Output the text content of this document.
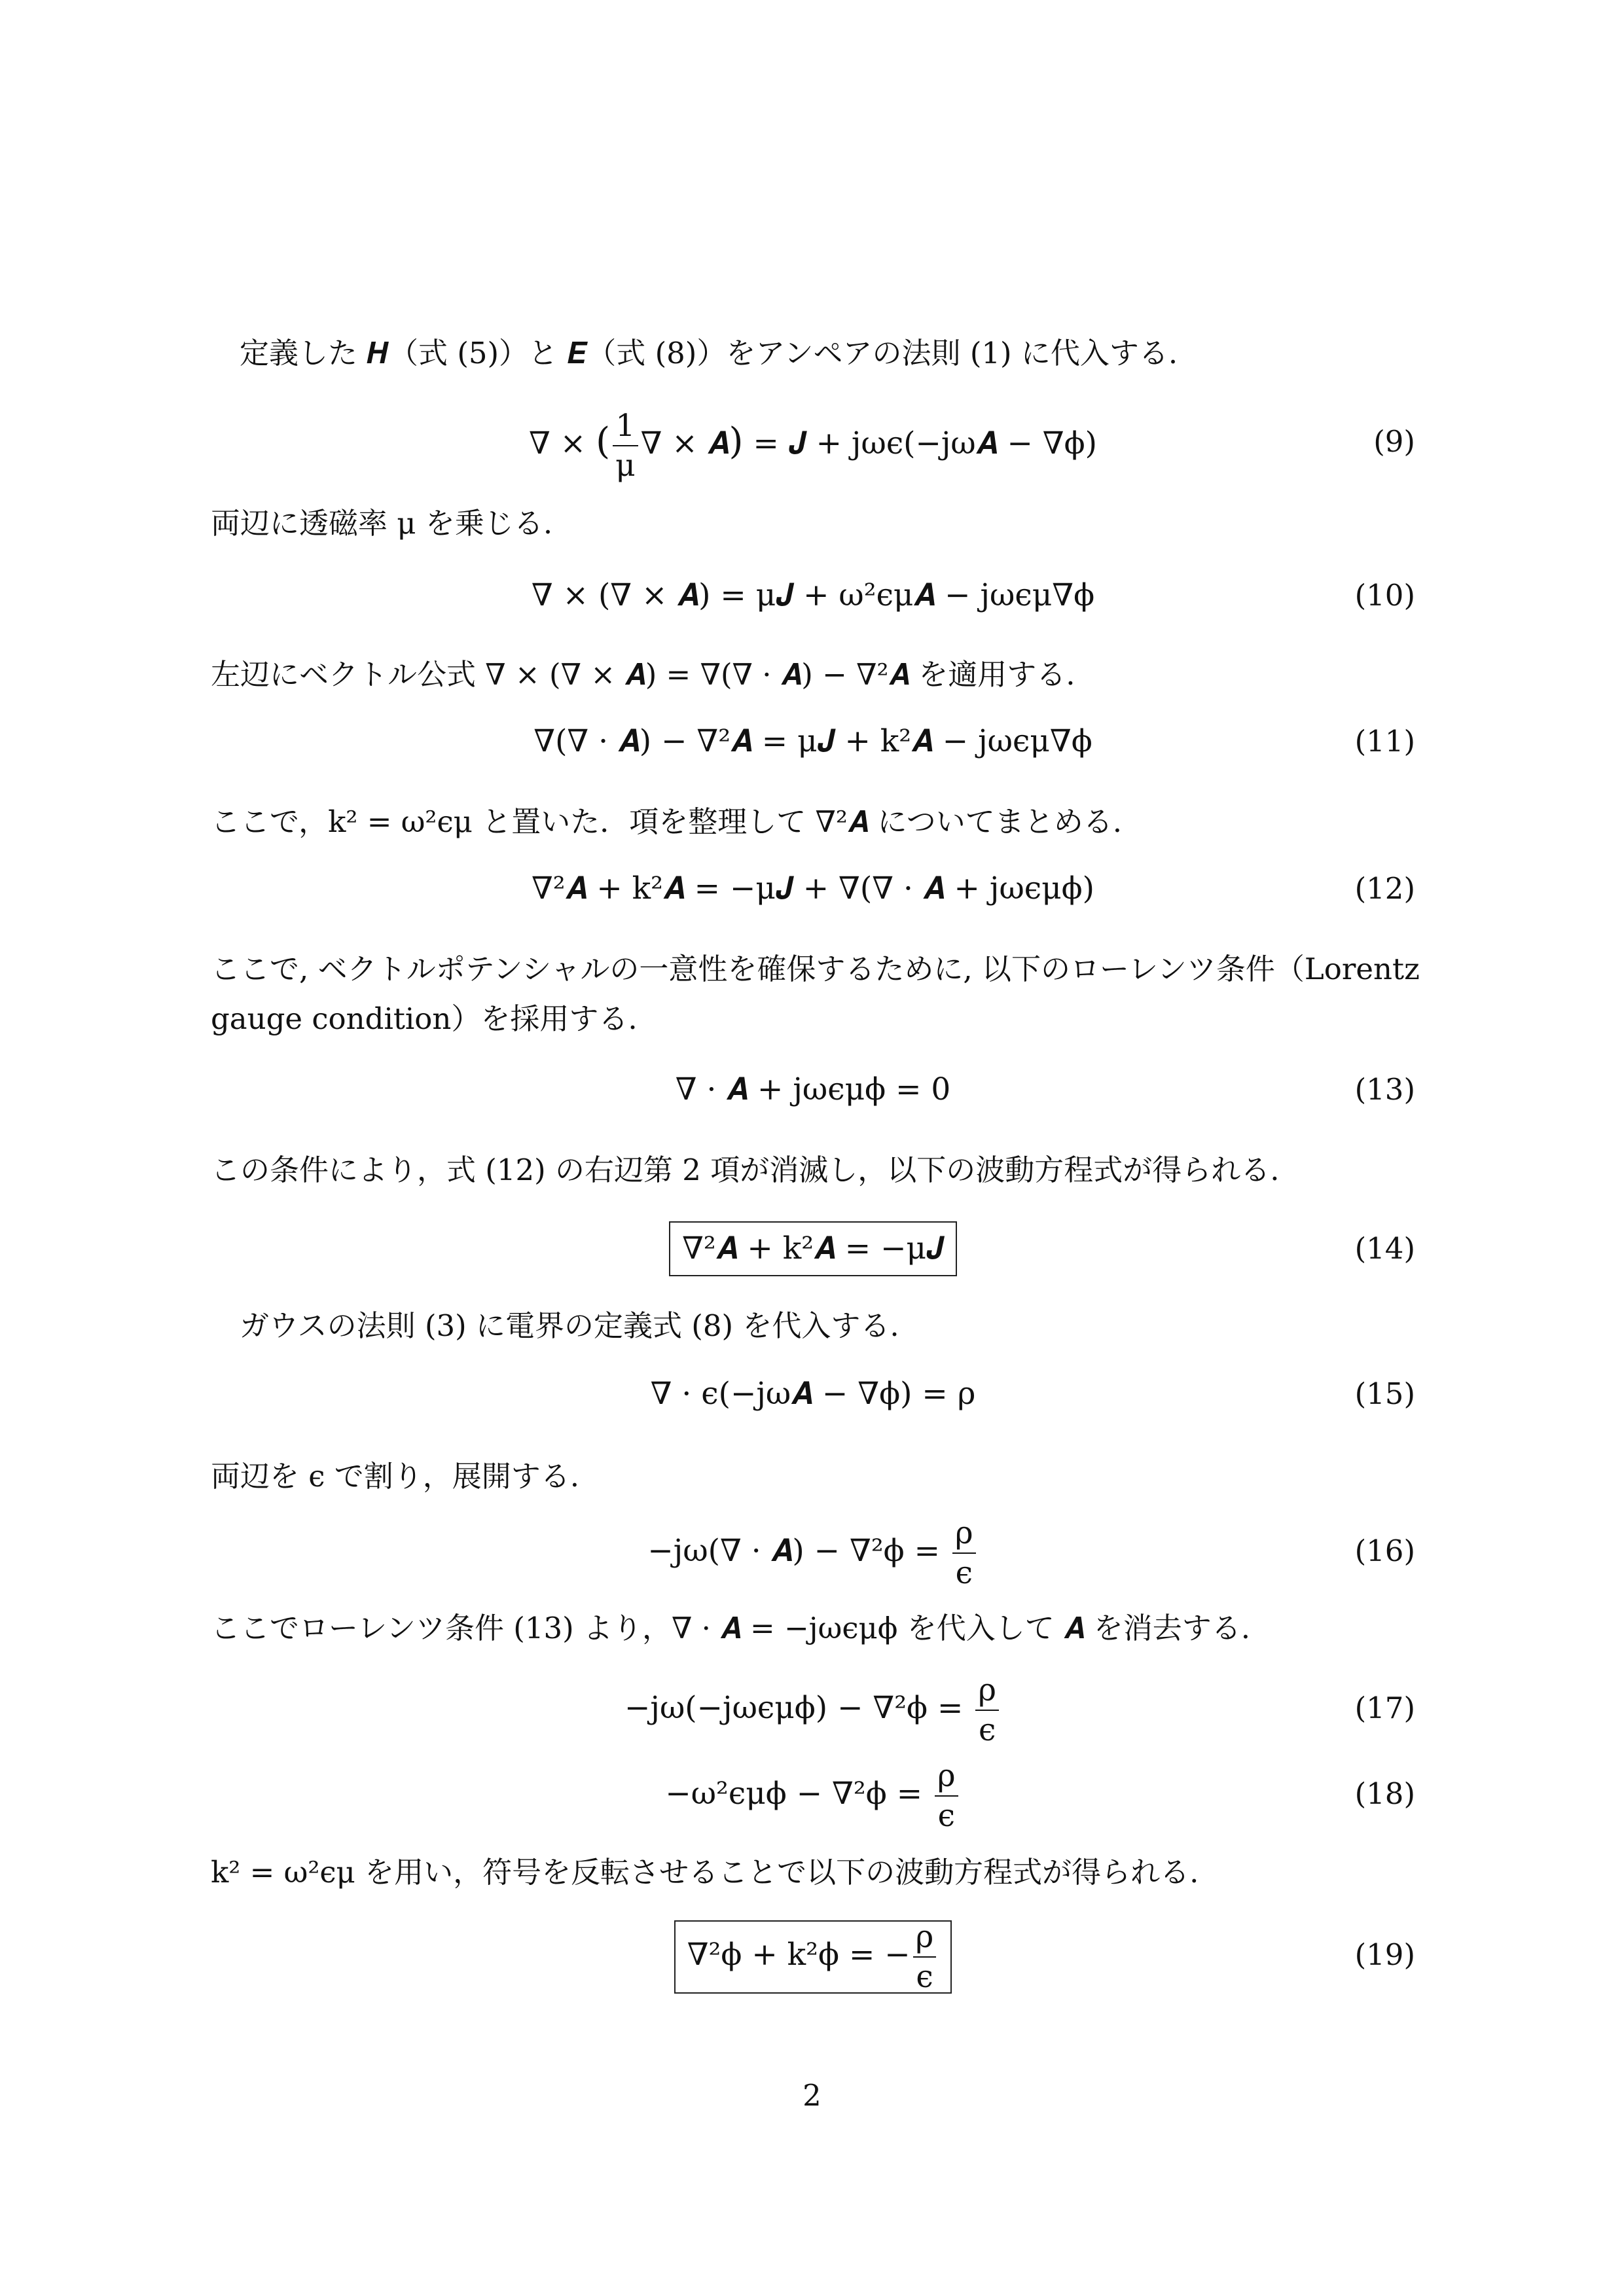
定義した 𝑯（式 (5)）と 𝑬（式 (8)）をアンペアの法則 (1) に代入する.
∇ × ( $\frac{1}{\mu}$ ∇ × 𝑨) = 𝑱 + jωϵ(−jω𝑨 − ∇ϕ)	(9)
両辺に透磁率 μ を乗じる.
∇ × (∇ × 𝑨) = μ𝑱 + ω²ϵμ𝑨 − jωϵμ∇ϕ	(10)
左辺にベクトル公式 ∇ × (∇ × 𝑨) = ∇(∇ · 𝑨) − ∇²𝑨 を適用する.
∇(∇ · 𝑨) − ∇²𝑨 = μ𝑱 + k²𝑨 − jωϵμ∇ϕ	(11)
ここで，k² = ω²ϵμ と置いた．項を整理して ∇²𝑨 についてまとめる.
∇²𝑨 + k²𝑨 = −μ𝑱 + ∇(∇ · 𝑨 + jωϵμϕ)	(12)
ここで, ベクトルポテンシャルの一意性を確保するために, 以下のローレンツ条件（Lorentz
gauge condition）を採用する.
∇ · 𝑨 + jωϵμϕ = 0	(13)
この条件により，式 (12) の右辺第 2 項が消滅し，以下の波動方程式が得られる.
∇²𝑨 + k²𝑨 = −μ𝑱	(14)
ガウスの法則 (3) に電界の定義式 (8) を代入する.
∇ · ϵ(−jω𝑨 − ∇ϕ) = ρ	(15)
両辺を ϵ で割り，展開する.
−jω(∇ · 𝑨) − $\nabla^2\phi = \frac{\rho}{\epsilon}$	(16)
ここでローレンツ条件 (13) より，∇ · 𝑨 = −jωϵμϕ を代入して 𝑨 を消去する.
$-j\omega(-j\omega\epsilon\mu\phi) - \nabla^2\phi = \frac{\rho}{\epsilon}$	(17)
$-\omega^2\epsilon\mu\phi - \nabla^2\phi = \frac{\rho}{\epsilon}$	(18)
k² = ω²ϵμ を用い，符号を反転させることで以下の波動方程式が得られる.
∇²ϕ + k²ϕ = − $\frac{\rho}{\epsilon}$	(19)
2
